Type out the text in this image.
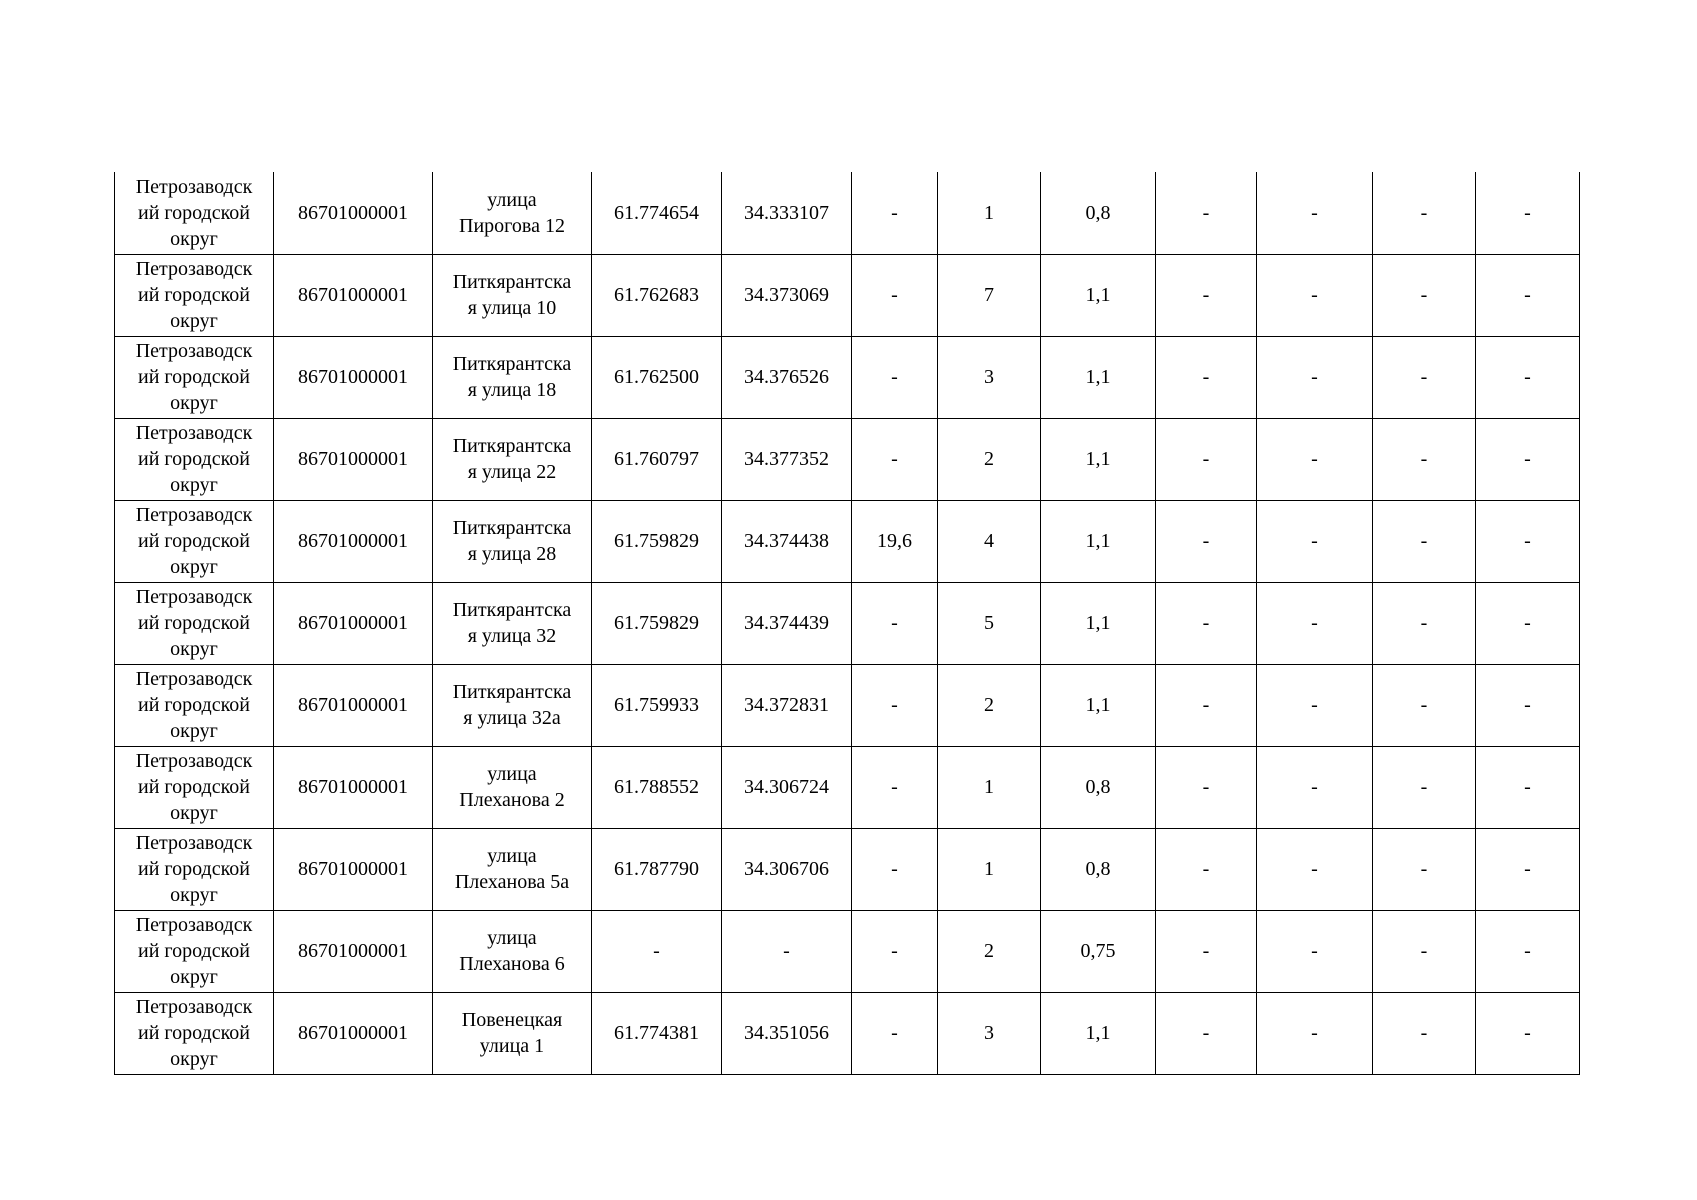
Петрозаводск
ий городской
округ	86701000001	улица
Пирогова 12	61.774654	34.333107	-	1	0,8	-	-	-	-

Петрозаводск
ий городской
округ	86701000001	Питкярантска
я улица 10	61.762683	34.373069	-	7	1,1	-	-	-	-

Петрозаводск
ий городской
округ	86701000001	Питкярантска
я улица 18	61.762500	34.376526	-	3	1,1	-	-	-	-

Петрозаводск
ий городской
округ	86701000001	Питкярантска
я улица 22	61.760797	34.377352	-	2	1,1	-	-	-	-

Петрозаводск
ий городской
округ	86701000001	Питкярантска
я улица 28	61.759829	34.374438	19,6	4	1,1	-	-	-	-

Петрозаводск
ий городской
округ	86701000001	Питкярантска
я улица 32	61.759829	34.374439	-	5	1,1	-	-	-	-

Петрозаводск
ий городской
округ	86701000001	Питкярантска
я улица 32а	61.759933	34.372831	-	2	1,1	-	-	-	-

Петрозаводск
ий городской
округ	86701000001	улица
Плеханова 2	61.788552	34.306724	-	1	0,8	-	-	-	-

Петрозаводск
ий городской
округ	86701000001	улица
Плеханова 5а	61.787790	34.306706	-	1	0,8	-	-	-	-

Петрозаводск
ий городской
округ	86701000001	улица
Плеханова 6	-	-	-	2	0,75	-	-	-	-

Петрозаводск
ий городской
округ	86701000001	Повенецкая
улица 1	61.774381	34.351056	-	3	1,1	-	-	-	-
